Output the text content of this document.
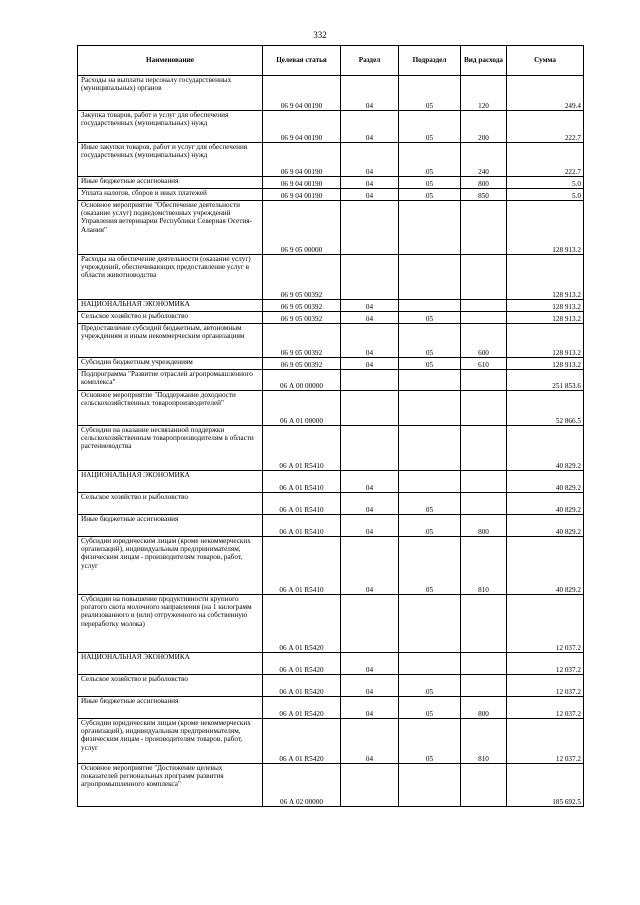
332
Наименование	Целевая статья	Раздел	Подраздел	Вид расхода	Сумма
Расходы на выплаты персоналу государственных (муниципальных) органов	06 9 04 00190	04	05	120	249.4
Закупка товаров, работ и услуг для обеспечения государственных (муниципальных) нужд	06 9 04 00190	04	05	200	222.7
Иные закупки товаров, работ и услуг для обеспечения государственных (муниципальных) нужд	06 9 04 00190	04	05	240	222.7
Иные бюджетные ассигнования	06 9 04 00190	04	05	800	5.0
Уплата налогов, сборов и иных платежей	06 9 04 00190	04	05	850	5.0
Основное мероприятие "Обеспечение деятельности (оказание услуг) подведомственных учреждений Управления ветеринарии Республики Северная Осетия-Алания"	06 9 05 00000				128 913.2
Расходы на обеспечение деятельности (оказание услуг) учреждений, обеспечивающих предоставление услуг в области животноводства	06 9 05 00392				128 913.2
НАЦИОНАЛЬНАЯ ЭКОНОМИКА	06 9 05 00392	04			128 913.2
Сельское хозяйство и рыболовство	06 9 05 00392	04	05		128 913.2
Предоставление субсидий бюджетным, автономным учреждениям и иным некоммерческим организациям	06 9 05 00392	04	05	600	128 913.2
Субсидии бюджетным учреждениям	06 9 05 00392	04	05	610	128 913.2
Подпрограмма "Развитие отраслей агропромышленного комплекса"	06 А 00 00000				251 853.6
Основное мероприятие "Поддержание доходности сельскохозяйственных товаропроизводителей"	06 А 01 00000				52 866.5
Субсидии на оказание несвязанной поддержки сельскохозяйственным товаропроизводителям в области растениеводства	06 А 01 R5410				40 829.2
НАЦИОНАЛЬНАЯ ЭКОНОМИКА	06 А 01 R5410	04			40 829.2
Сельское хозяйство и рыболовство	06 А 01 R5410	04	05		40 829.2
Иные бюджетные ассигнования	06 А 01 R5410	04	05	800	40 829.2
Субсидии юридическим лицам (кроме некоммерческих организаций), индивидуальным предпринимателям, физическим лицам - производителям товаров, работ, услуг	06 А 01 R5410	04	05	810	40 829.2
Субсидии на повышение продуктивности крупного рогатого скота молочного направления (на 1 килограмм реализованного и (или) отгруженного на собственную переработку молока)	06 А 01 R5420				12 037.2
НАЦИОНАЛЬНАЯ ЭКОНОМИКА	06 А 01 R5420	04			12 037.2
Сельское хозяйство и рыболовство	06 А 01 R5420	04	05		12 037.2
Иные бюджетные ассигнования	06 А 01 R5420	04	05	800	12 037.2
Субсидии юридическим лицам (кроме некоммерческих организаций), индивидуальным предпринимателям, физическим лицам - производителям товаров, работ, услуг	06 А 01 R5420	04	05	810	12 037.2
Основное мероприятие "Достижение целевых показателей региональных программ развития агропромышленного комплекса"	06 А 02 00000				185 692.5
